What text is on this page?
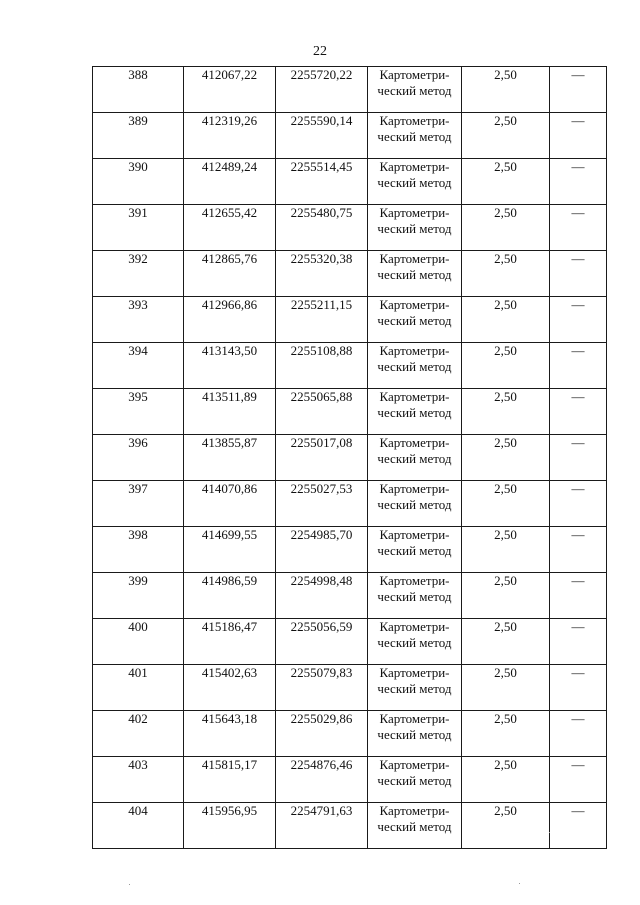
22
388	412067,22	2255720,22	Картометри-
ческий метод	2,50	—
389	412319,26	2255590,14	Картометри-
ческий метод	2,50	—
390	412489,24	2255514,45	Картометри-
ческий метод	2,50	—
391	412655,42	2255480,75	Картометри-
ческий метод	2,50	—
392	412865,76	2255320,38	Картометри-
ческий метод	2,50	—
393	412966,86	2255211,15	Картометри-
ческий метод	2,50	—
394	413143,50	2255108,88	Картометри-
ческий метод	2,50	—
395	413511,89	2255065,88	Картометри-
ческий метод	2,50	—
396	413855,87	2255017,08	Картометри-
ческий метод	2,50	—
397	414070,86	2255027,53	Картометри-
ческий метод	2,50	—
398	414699,55	2254985,70	Картометри-
ческий метод	2,50	—
399	414986,59	2254998,48	Картометри-
ческий метод	2,50	—
400	415186,47	2255056,59	Картометри-
ческий метод	2,50	—
401	415402,63	2255079,83	Картометри-
ческий метод	2,50	—
402	415643,18	2255029,86	Картометри-
ческий метод	2,50	—
403	415815,17	2254876,46	Картометри-
ческий метод	2,50	—
404	415956,95	2254791,63	Картометри-
ческий метод	2,50	—
